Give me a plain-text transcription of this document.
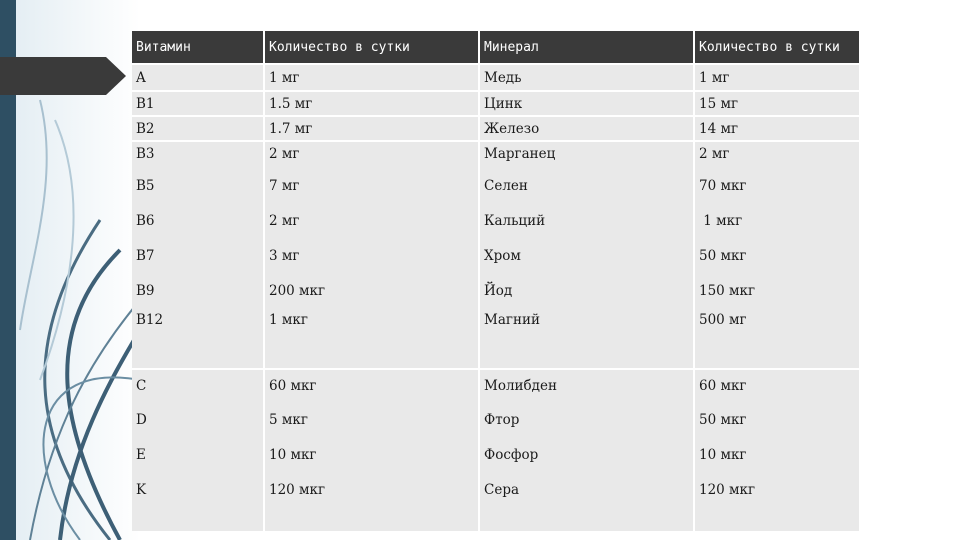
Витамин	Количество в сутки	Минерал	Количество в сутки
A	1 мг	Медь	1 мг
B1	1.5 мг	Цинк	15 мг
B2	1.7 мг	Железо	14 мг
B3	2 мг	Марганец	2 мг
B5	7 мг	Селен	70 мкг
B6	2 мг	Кальций	1 мкг
B7	3 мг	Хром	50 мкг
B9	200 мкг	Йод	150 мкг
B12	1 мкг	Магний	500 мг
C	60 мкг	Молибден	60 мкг
D	5 мкг	Фтор	50 мкг
E	10 мкг	Фосфор	10 мкг
K	120 мкг	Сера	120 мкг
